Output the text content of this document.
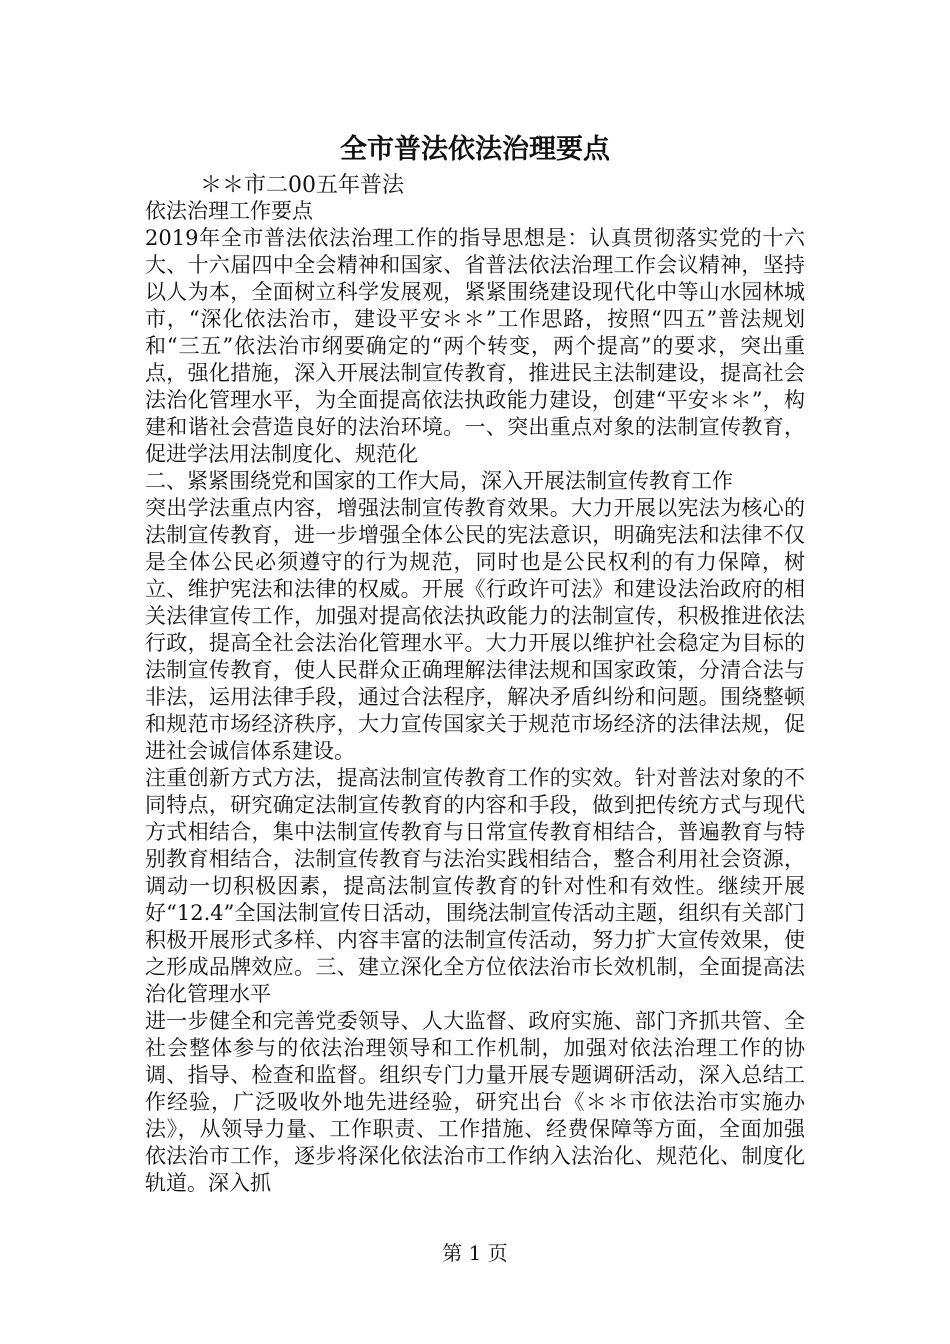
全市普法依法治理要点
＊＊市二00五年普法

依法治理工作要点

2019年全市普法依法治理工作的指导思想是：认真贯彻落实党的十六大、十六届四中全会精神和国家、省普法依法治理工作会议精神，坚持以人为本，全面树立科学发展观，紧紧围绕建设现代化中等山水园林城市，“深化依法治市，建设平安＊＊”工作思路，按照“四五”普法规划和“三五”依法治市纲要确定的“两个转变，两个提高”的要求，突出重点，强化措施，深入开展法制宣传教育，推进民主法制建设，提高社会法治化管理水平，为全面提高依法执政能力建设，创建“平安＊＊”，构建和谐社会营造良好的法治环境。一、突出重点对象的法制宣传教育，促进学法用法制度化、规范化

二、紧紧围绕党和国家的工作大局，深入开展法制宣传教育工作

突出学法重点内容，增强法制宣传教育效果。大力开展以宪法为核心的法制宣传教育，进一步增强全体公民的宪法意识，明确宪法和法律不仅是全体公民必须遵守的行为规范，同时也是公民权利的有力保障，树立、维护宪法和法律的权威。开展《行政许可法》和建设法治政府的相关法律宣传工作，加强对提高依法执政能力的法制宣传，积极推进依法行政，提高全社会法治化管理水平。大力开展以维护社会稳定为目标的法制宣传教育，使人民群众正确理解法律法规和国家政策，分清合法与非法，运用法律手段，通过合法程序，解决矛盾纠纷和问题。围绕整顿和规范市场经济秩序，大力宣传国家关于规范市场经济的法律法规，促进社会诚信体系建设。

注重创新方式方法，提高法制宣传教育工作的实效。针对普法对象的不同特点，研究确定法制宣传教育的内容和手段，做到把传统方式与现代方式相结合，集中法制宣传教育与日常宣传教育相结合，普遍教育与特别教育相结合，法制宣传教育与法治实践相结合，整合利用社会资源，调动一切积极因素，提高法制宣传教育的针对性和有效性。继续开展好“12.4”全国法制宣传日活动，围绕法制宣传活动主题，组织有关部门积极开展形式多样、内容丰富的法制宣传活动，努力扩大宣传效果，使之形成品牌效应。三、建立深化全方位依法治市长效机制，全面提高法治化管理水平

进一步健全和完善党委领导、人大监督、政府实施、部门齐抓共管、全社会整体参与的依法治理领导和工作机制，加强对依法治理工作的协调、指导、检查和监督。组织专门力量开展专题调研活动，深入总结工作经验，广泛吸收外地先进经验，研究出台《＊＊市依法治市实施办法》，从领导力量、工作职责、工作措施、经费保障等方面，全面加强依法治市工作，逐步将深化依法治市工作纳入法治化、规范化、制度化轨道。深入抓

第 1 页
